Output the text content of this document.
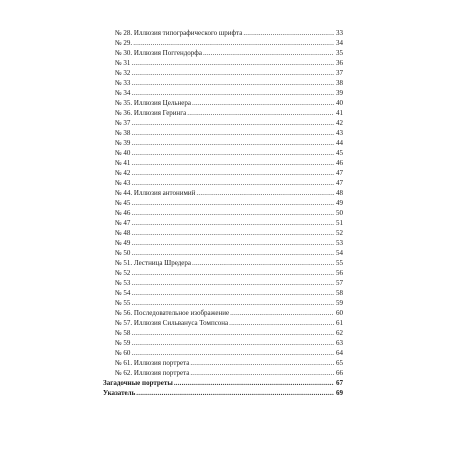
№ 28. Иллюзия типографического шрифта .....	33
№ 29. .....	34
№ 30. Иллюзия Поггендорфа .....	35
№ 31 .....	36
№ 32 .....	37
№ 33 .....	38
№ 34 .....	39
№ 35. Иллюзия Цельнера .....	40
№ 36. Иллюзия Геринга .....	41
№ 37 .....	42
№ 38 .....	43
№ 39 .....	44
№ 40 .....	45
№ 41 .....	46
№ 42 .....	47
№ 43 .....	47
№ 44. Иллюзия антонимий .....	48
№ 45 .....	49
№ 46 .....	50
№ 47 .....	51
№ 48 .....	52
№ 49 .....	53
№ 50 .....	54
№ 51. Лестница Шредера .....	55
№ 52 .....	56
№ 53 .....	57
№ 54 .....	58
№ 55 .....	59
№ 56. Последовательное изображение .....	60
№ 57. Иллюзия Сильвануса Томпсона .....	61
№ 58 .....	62
№ 59 .....	63
№ 60 .....	64
№ 61. Иллюзия портрета .....	65
№ 62. Иллюзия портрета .....	66
Загадочные портреты .....	67
Указатель .....	69
